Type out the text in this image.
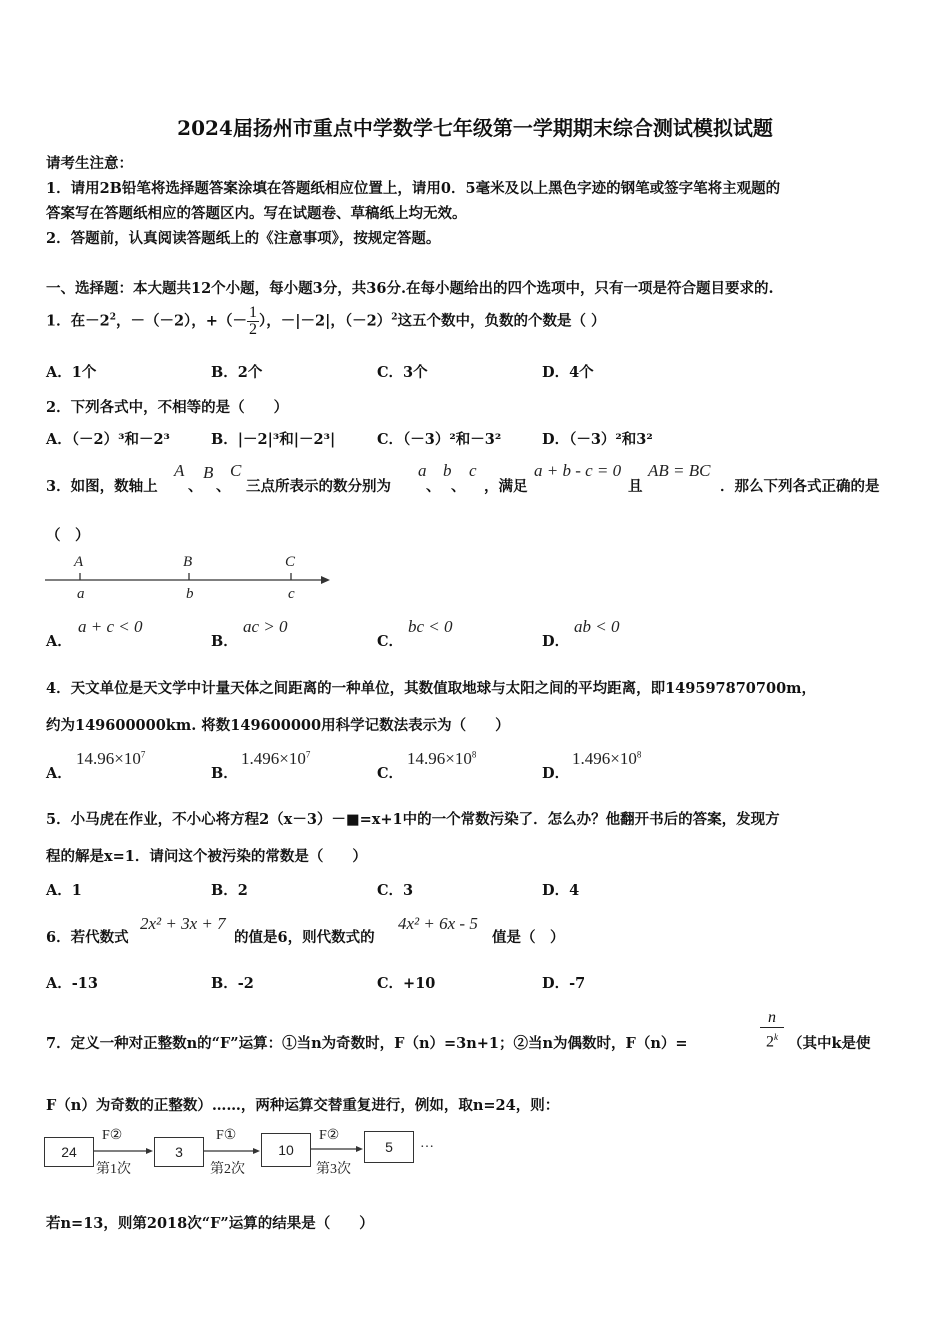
2024届扬州市重点中学数学七年级第一学期期末综合测试模拟试题
请考生注意：
1．请用2B铅笔将选择题答案涂填在答题纸相应位置上，请用0．5毫米及以上黑色字迹的钢笔或签字笔将主观题的
答案写在答题纸相应的答题区内。写在试题卷、草稿纸上均无效。
2．答题前，认真阅读答题纸上的《注意事项》，按规定答题。
一、选择题：本大题共12个小题，每小题3分，共36分.在每小题给出的四个选项中，只有一项是符合题目要求的.
1．在$-2^2$，－（－2），+（－ $\frac{1}{2}$ ），－|－2|，$(-2)^2$这五个数中，负数的个数是（ ）
A．1个	B．2个	C．3个	D．4个
2．下列各式中，不相等的是（　　）
A．（－2）³和－2³	B．|－2|³和|－2³|	C．（－3）²和－3²	D．（－3）²和3²
3．如图，数轴上
A
、
B
、
C
三点所表示的数分别为
a
、
b
、
c
，满足
a + b - c = 0
且
AB = BC
．那么下列各式正确的是
（　）
A	B	C
a	b	c
A．
a + c < 0
B．
ac > 0
C．
bc < 0
D．
ab < 0
4．天文单位是天文学中计量天体之间距离的一种单位，其数值取地球与太阳之间的平均距离，即149597870700m，
约为149600000km. 将数149600000用科学记数法表示为（　　）
A．
$14.96\times 10^7$
B．
$1.496\times 10^7$
C．
$14.96\times 10^8$
D．
$1.496\times 10^8$
5．小马虎在作业，不小心将方程2（x－3）－■=x+1中的一个常数污染了．怎么办？他翻开书后的答案，发现方
程的解是x=1．请问这个被污染的常数是（　　）
A．1	B．2	C．3	D．4
6．若代数式
2x² + 3x + 7
的值是6，则代数式的
4x² + 6x - 5
值是（　）
A．-13	B．-2	C．+10	D．-7
7．定义一种对正整数n的“F”运算：①当n为奇数时，F（n）=3n+1；②当n为偶数时，F（n）=	$\frac{n}{2^k}$ （其中k是使
F（n）为奇数的正整数）……，两种运算交替重复进行，例如，取n=24，则：
24
F②
第1次
3
F①
第2次
10
F②
第3次
5	…
若n=13，则第2018次“F”运算的结果是（　　）
